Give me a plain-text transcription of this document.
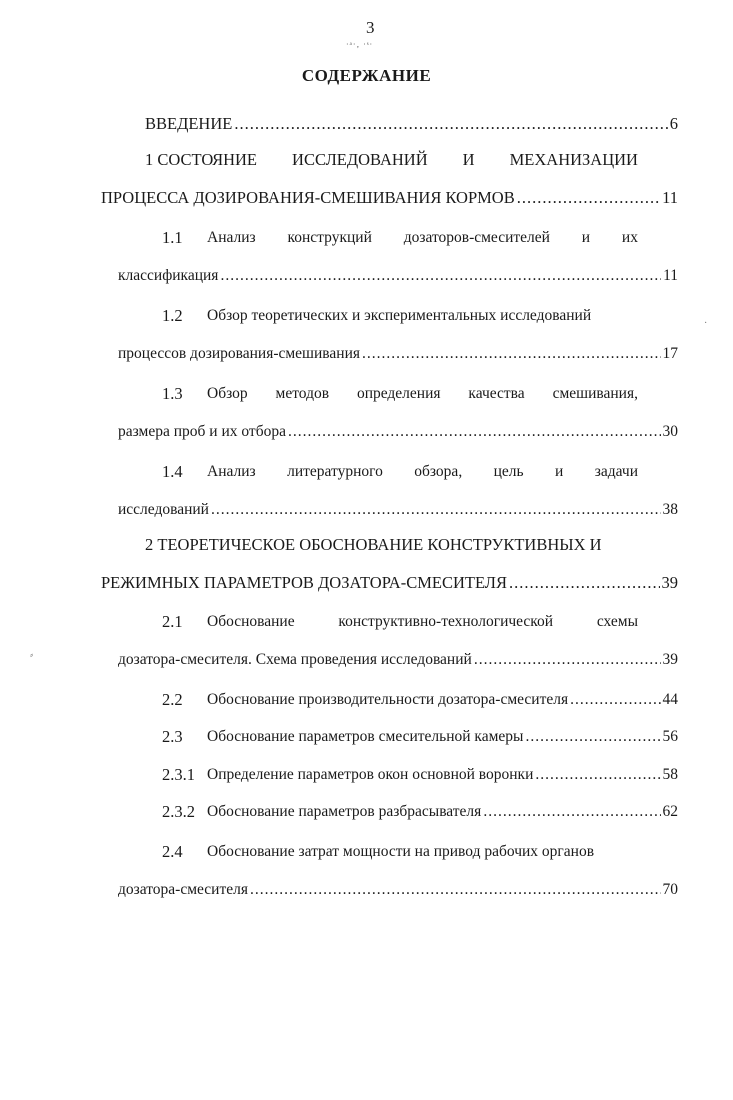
3
·ᵃ·‚ ·ˢ·
СОДЕРЖАНИЕ
ВВЕДЕНИЕ .....	6
1 СОСТОЯНИЕ ИССЛЕДОВАНИЙ И МЕХАНИЗАЦИИ
ПРОЦЕССА ДОЗИРОВАНИЯ-СМЕШИВАНИЯ КОРМОВ .....	11
1.1 Анализ конструкций дозаторов-смесителей и их
классификация .....	11
1.2 Обзор теоретических и экспериментальных исследований
процессов дозирования-смешивания .....	17
1.3 Обзор методов определения качества смешивания,
размера проб и их отбора .....	30
1.4 Анализ литературного обзора, цель и задачи
исследований .....	38
2 ТЕОРЕТИЧЕСКОЕ ОБОСНОВАНИЕ КОНСТРУКТИВНЫХ И
РЕЖИМНЫХ ПАРАМЕТРОВ ДОЗАТОРА-СМЕСИТЕЛЯ .....	39
2.1 Обоснование	конструктивно-технологической	схемы
дозатора-смесителя. Схема проведения исследований .....	39
2.2 Обоснование производительности дозатора-смесителя .....	44
2.3 Обоснование параметров смесительной камеры .....	56
2.3.1 Определение параметров окон основной воронки .....	58
2.3.2 Обоснование параметров разбрасывателя .....	62
2.4 Обоснование затрат мощности на привод рабочих органов
дозатора-смесителя .....	70
·
⸗
